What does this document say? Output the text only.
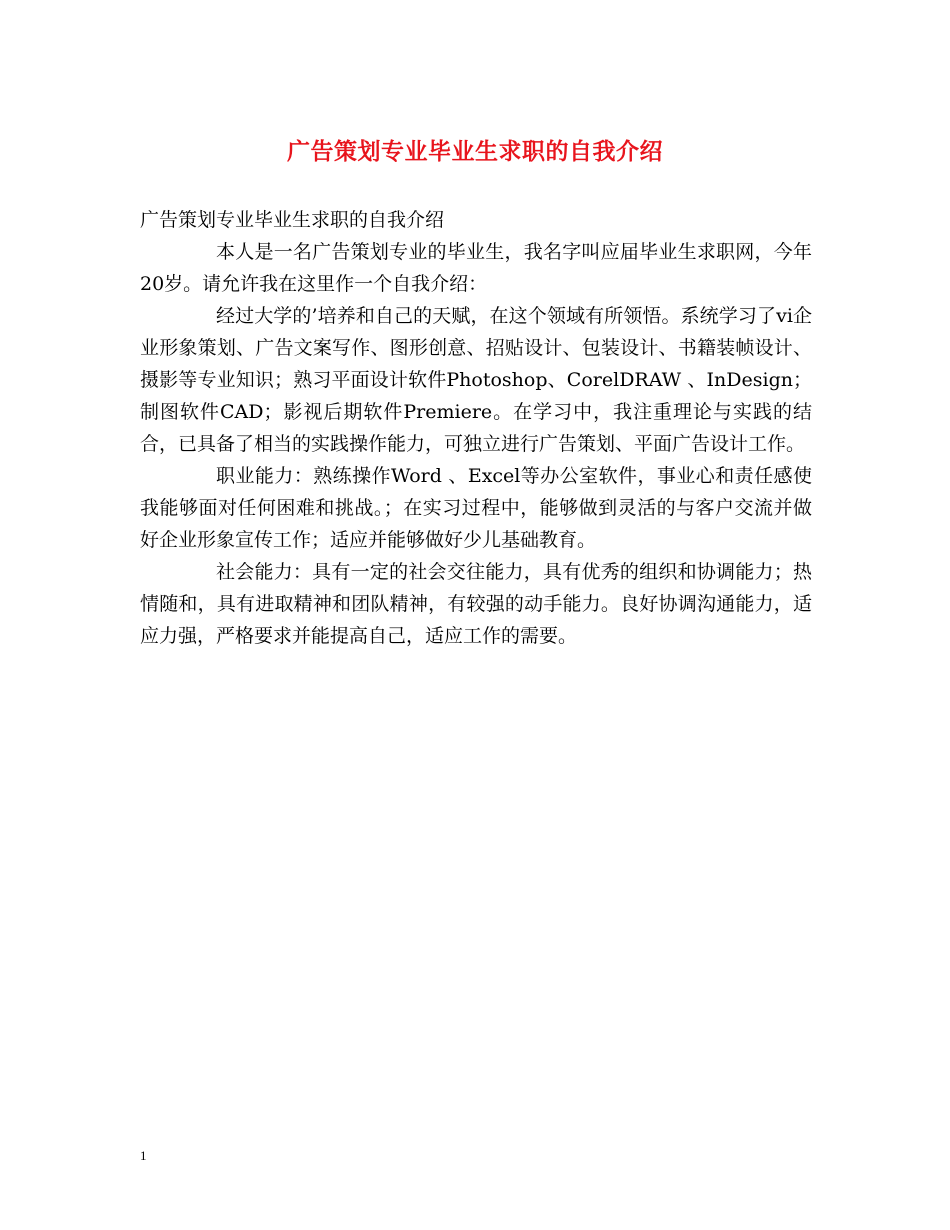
广告策划专业毕业生求职的自我介绍

广告策划专业毕业生求职的自我介绍

本人是一名广告策划专业的毕业生，我名字叫应届毕业生求职网，今年20岁。请允许我在这里作一个自我介绍：

经过大学的’培养和自己的天赋，在这个领域有所领悟。系统学习了vi企业形象策划、广告文案写作、图形创意、招贴设计、包装设计、书籍装帧设计、摄影等专业知识；熟习平面设计软件Photoshop、CorelDRAW 、InDesign；制图软件CAD；影视后期软件Premiere。在学习中，我注重理论与实践的结合，已具备了相当的实践操作能力，可独立进行广告策划、平面广告设计工作。

职业能力：熟练操作Word 、Excel等办公室软件，事业心和责任感使我能够面对任何困难和挑战。；在实习过程中，能够做到灵活的与客户交流并做好企业形象宣传工作；适应并能够做好少儿基础教育。

社会能力：具有一定的社会交往能力，具有优秀的组织和协调能力；热情随和，具有进取精神和团队精神，有较强的动手能力。良好协调沟通能力，适应力强，严格要求并能提高自己，适应工作的需要。

1
